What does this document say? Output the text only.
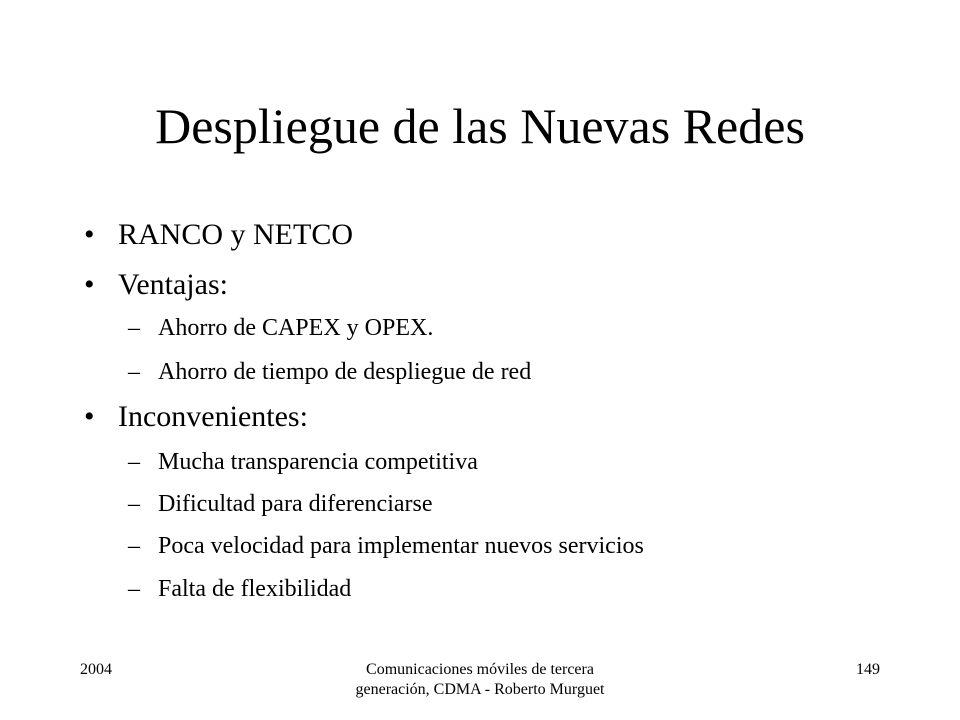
Despliegue de las Nuevas Redes
• RANCO y NETCO
• Ventajas:
– Ahorro de CAPEX y OPEX.
– Ahorro de tiempo de despliegue de red
• Inconvenientes:
– Mucha transparencia competitiva
– Dificultad para diferenciarse
– Poca velocidad para implementar nuevos servicios
– Falta de flexibilidad
2004	Comunicaciones móviles de tercera generación, CDMA - Roberto Murguet
149
